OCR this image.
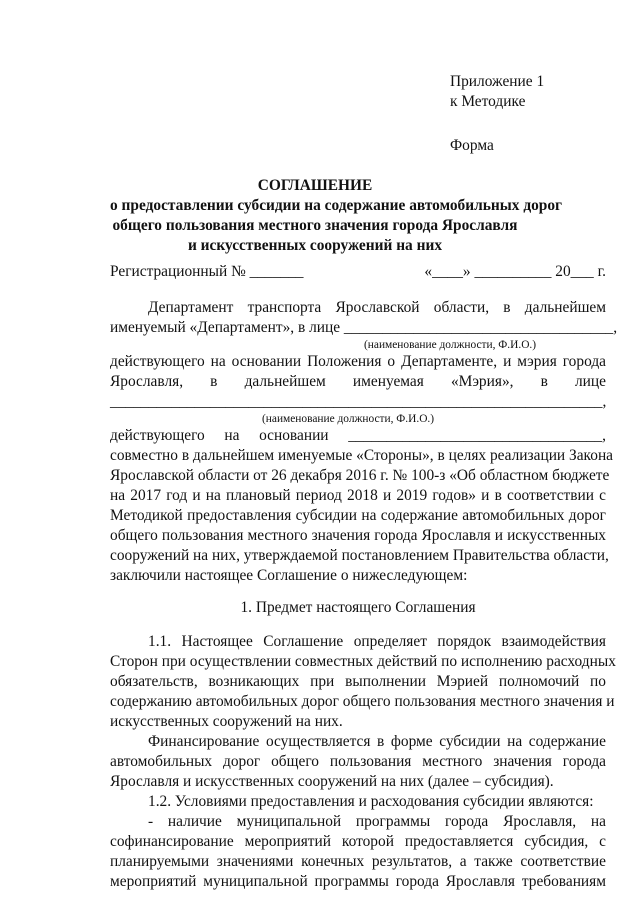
Приложение 1
к Методике
Форма
СОГЛАШЕНИЕ
о предоставлении субсидии на содержание автомобильных дорог
общего пользования местного значения города Ярославля
и искусственных сооружений на них
Регистрационный № _______	«____» __________ 20___ г.
Департамент транспорта Ярославской области, в дальнейшем
именуемый «Департамент», в лице ___________________________________,
(наименование должности, Ф.И.О.)
действующего на основании Положения о Департаменте, и мэрия города
Ярославля, в дальнейшем именуемая «Мэрия», в лице
________________________________________________________________,
(наименование должности, Ф.И.О.)
действующего на основании _________________________________,
совместно в дальнейшем именуемые «Стороны», в целях реализации Закона
Ярославской области от 26 декабря 2016 г. № 100-з «Об областном бюджете
на 2017 год и на плановый период 2018 и 2019 годов» и в соответствии с
Методикой предоставления субсидии на содержание автомобильных дорог
общего пользования местного значения города Ярославля и искусственных
сооружений на них, утверждаемой постановлением Правительства области,
заключили настоящее Соглашение о нижеследующем:
1. Предмет настоящего Соглашения
1.1. Настоящее Соглашение определяет порядок взаимодействия
Сторон при осуществлении совместных действий по исполнению расходных
обязательств, возникающих при выполнении Мэрией полномочий по
содержанию автомобильных дорог общего пользования местного значения и
искусственных сооружений на них.
Финансирование осуществляется в форме субсидии на содержание
автомобильных дорог общего пользования местного значения города
Ярославля и искусственных сооружений на них (далее – субсидия).
1.2. Условиями предоставления и расходования субсидии являются:
- наличие муниципальной программы города Ярославля, на
софинансирование мероприятий которой предоставляется субсидия, с
планируемыми значениями конечных результатов, а также соответствие
мероприятий муниципальной программы города Ярославля требованиям
